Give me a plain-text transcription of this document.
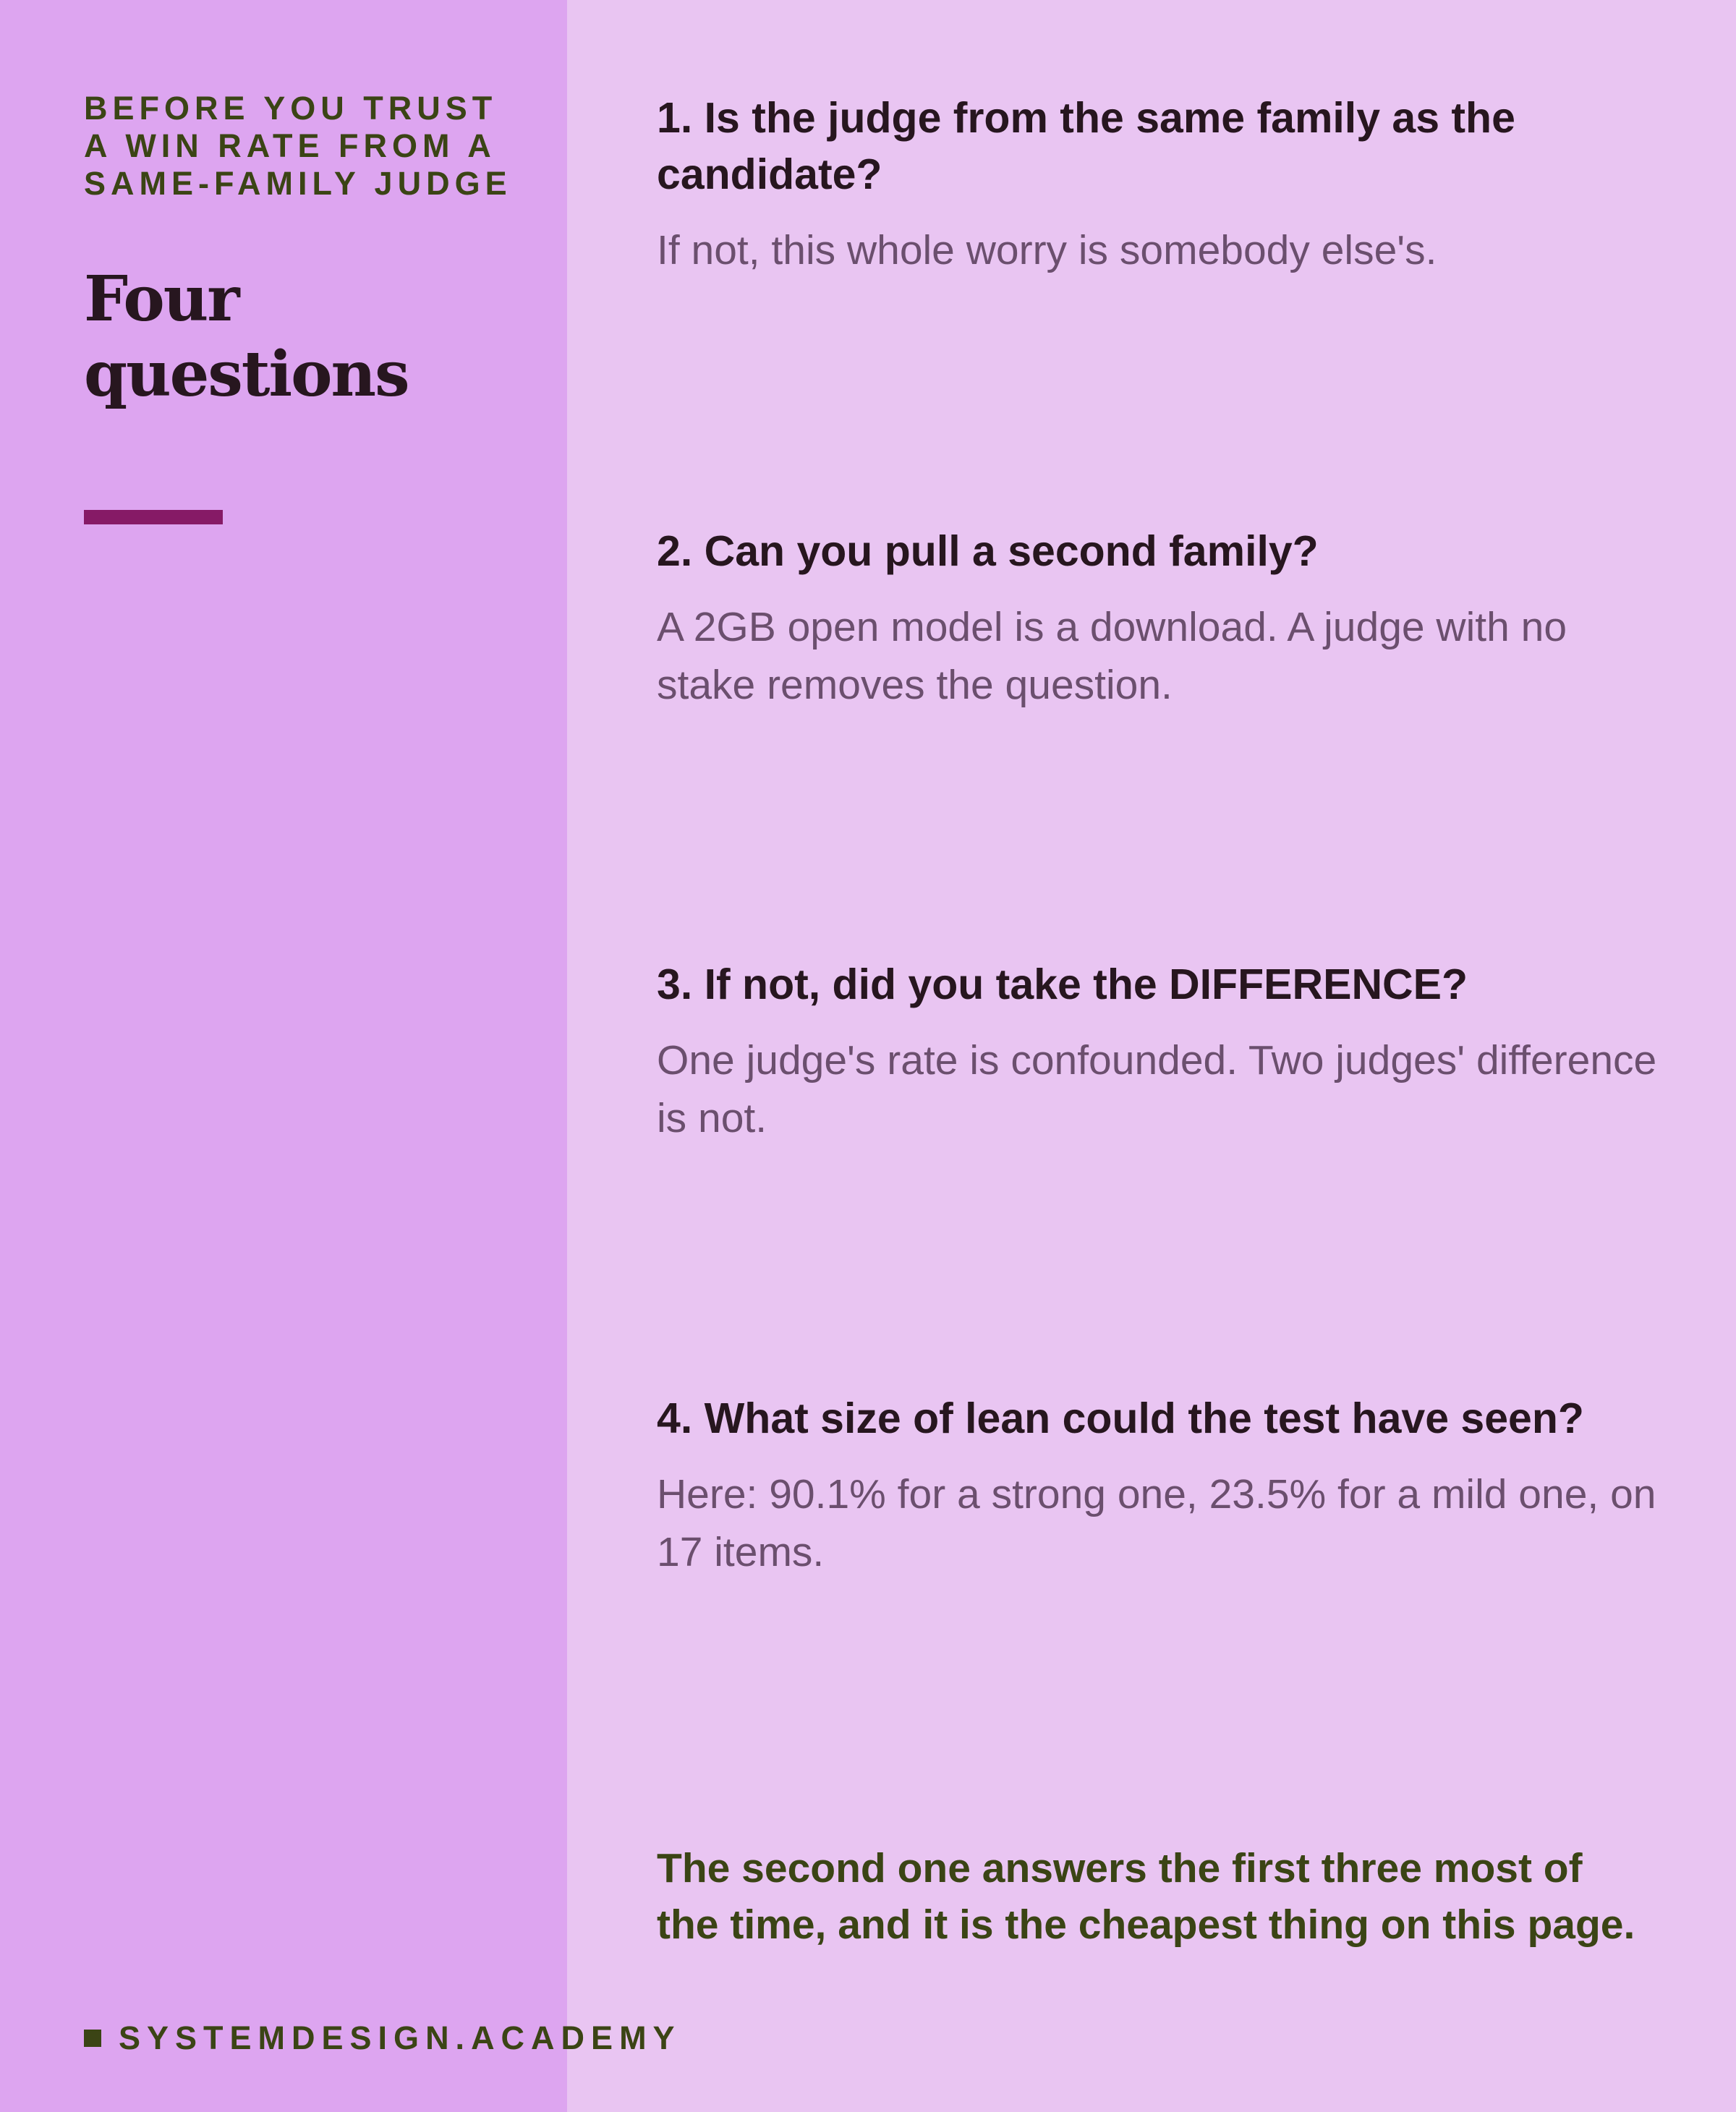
BEFORE YOU TRUST A WIN RATE FROM A SAME-FAMILY JUDGE

Four questions
1. Is the judge from the same family as the candidate?

If not, this whole worry is somebody else's.

2. Can you pull a second family?

A 2GB open model is a download. A judge with no stake removes the question.

3. If not, did you take the DIFFERENCE?

One judge's rate is confounded. Two judges' difference is not.

4. What size of lean could the test have seen?

Here: 90.1% for a strong one, 23.5% for a mild one, on 17 items.

The second one answers the first three most of the time, and it is the cheapest thing on this page.

SYSTEMDESIGN.ACADEMY
